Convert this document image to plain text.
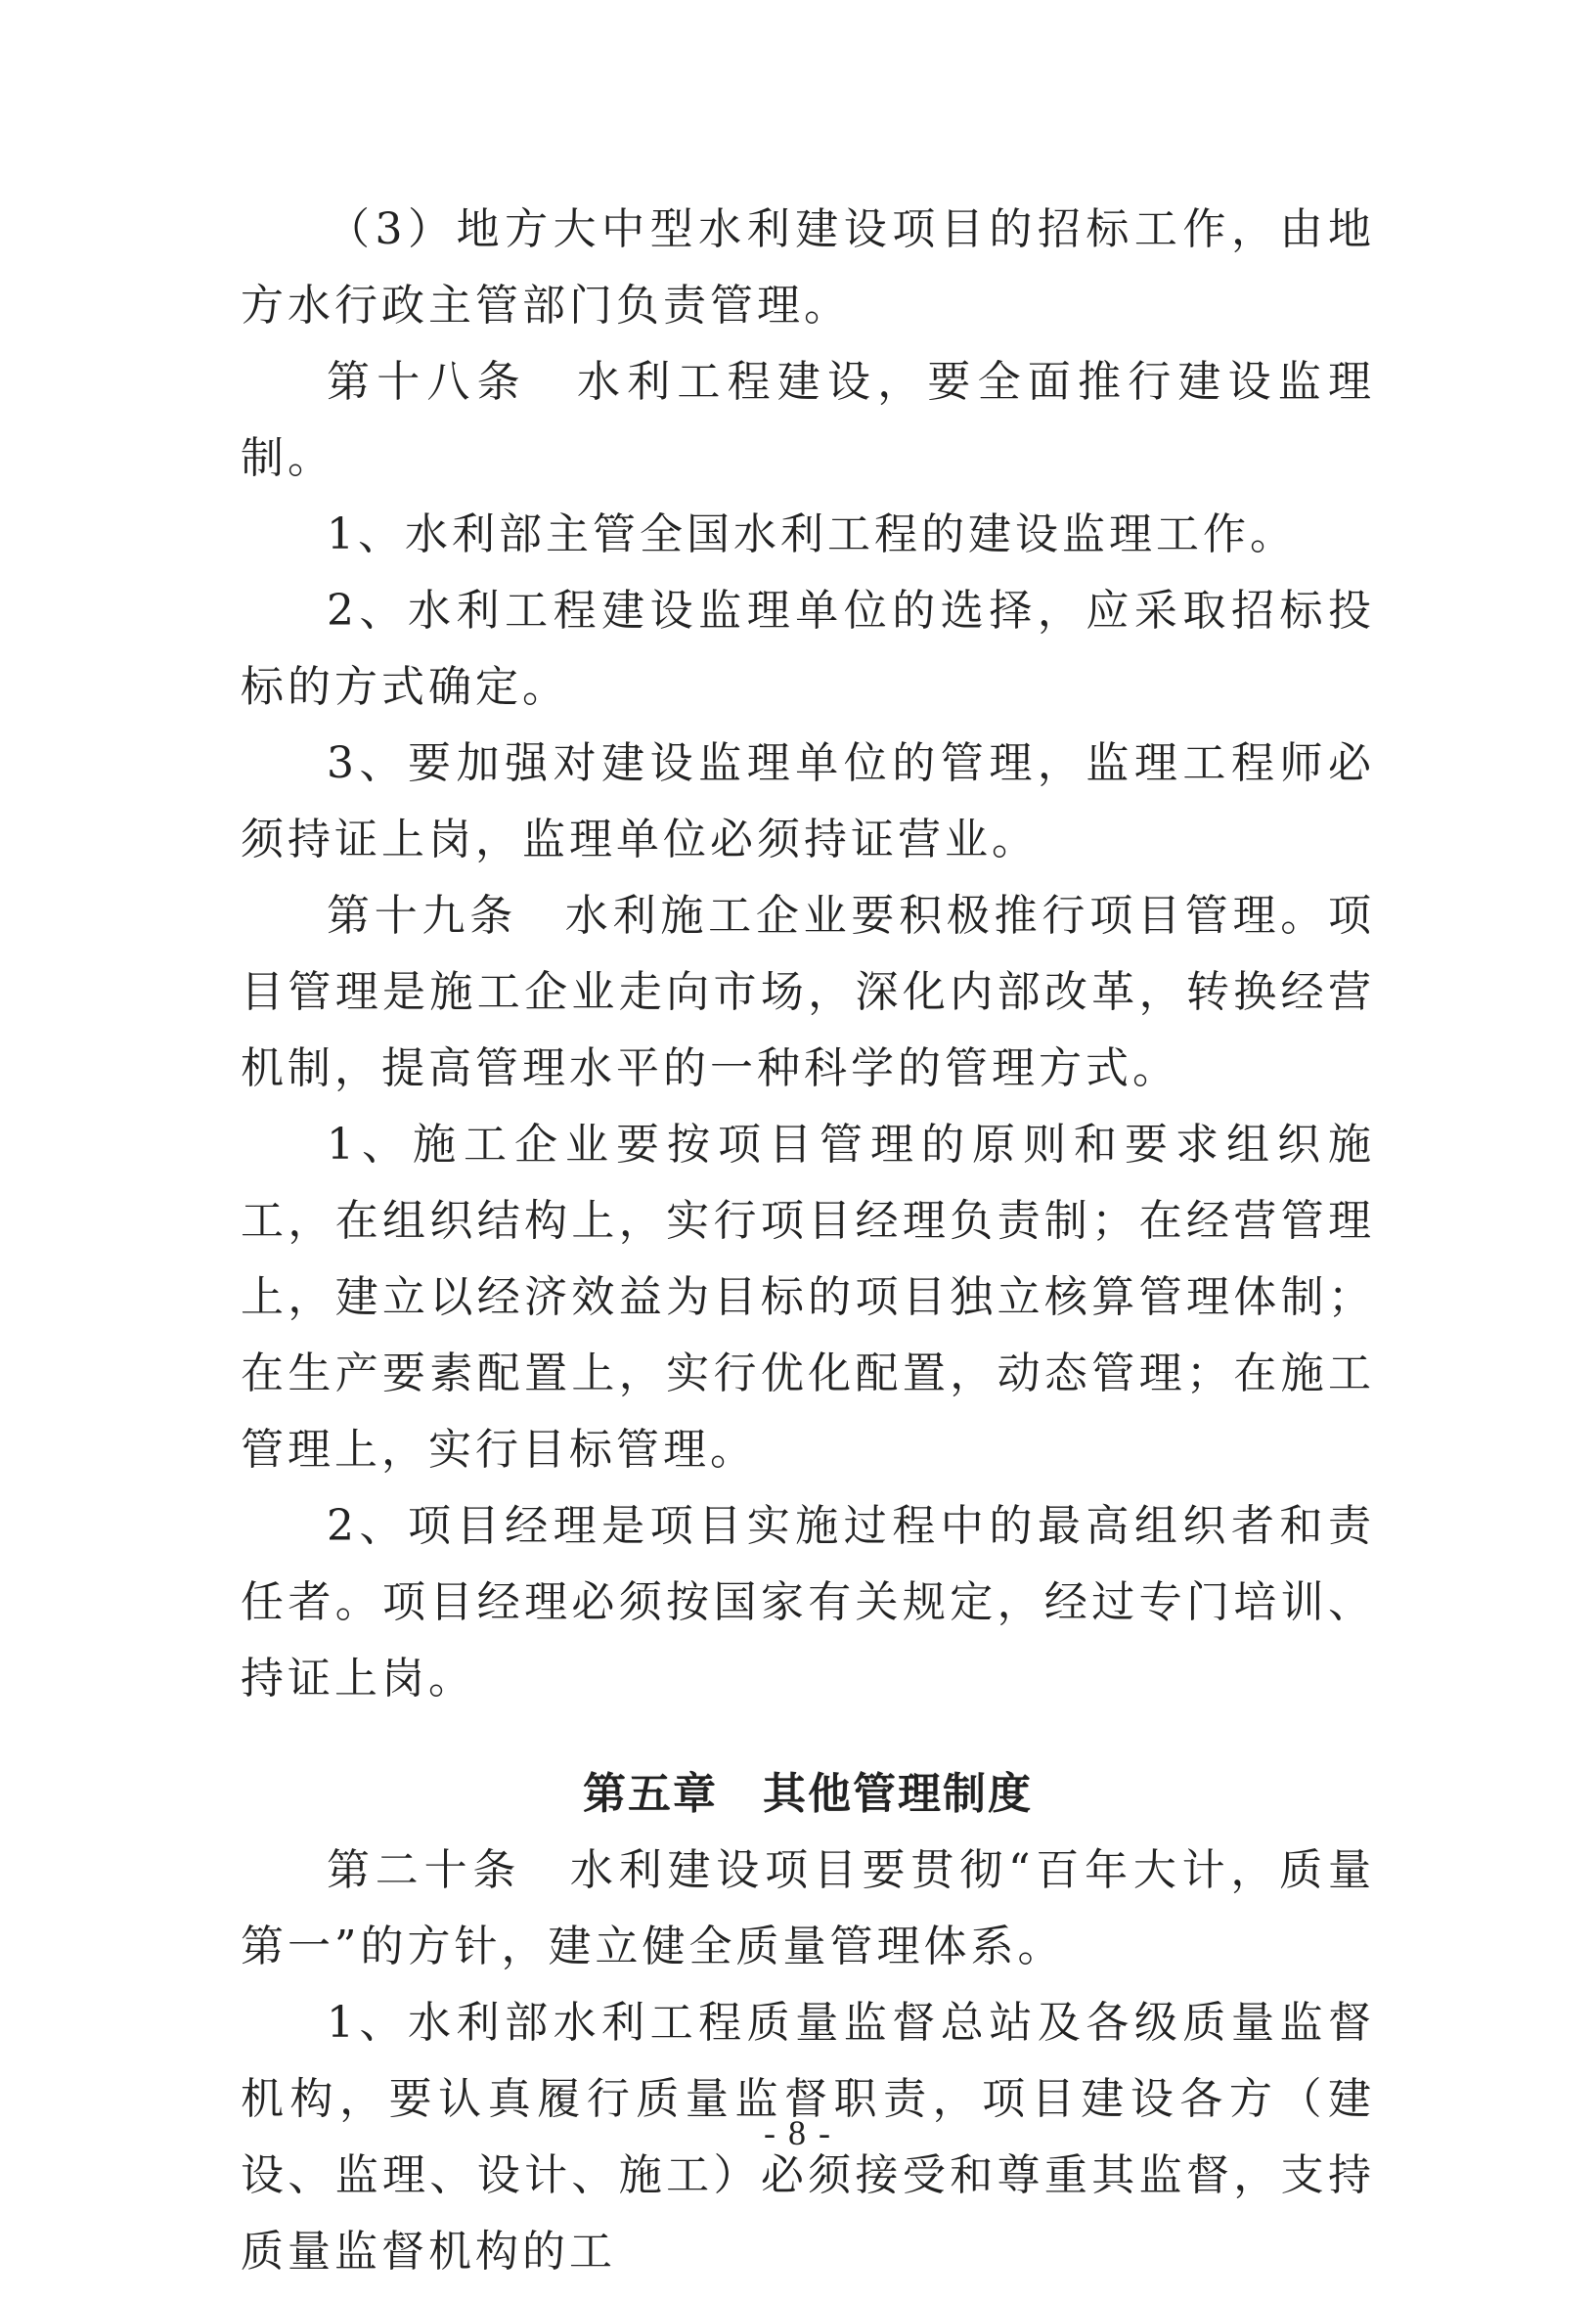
（3）地方大中型水利建设项目的招标工作，由地方水行政主管部门负责管理。

第十八条　水利工程建设，要全面推行建设监理制。

1、水利部主管全国水利工程的建设监理工作。

2、水利工程建设监理单位的选择，应采取招标投标的方式确定。

3、要加强对建设监理单位的管理，监理工程师必须持证上岗，监理单位必须持证营业。

第十九条　水利施工企业要积极推行项目管理。项目管理是施工企业走向市场，深化内部改革，转换经营机制，提高管理水平的一种科学的管理方式。

1、施工企业要按项目管理的原则和要求组织施工，在组织结构上，实行项目经理负责制；在经营管理上，建立以经济效益为目标的项目独立核算管理体制；在生产要素配置上，实行优化配置，动态管理；在施工管理上，实行目标管理。

2、项目经理是项目实施过程中的最高组织者和责任者。项目经理必须按国家有关规定，经过专门培训、持证上岗。

第五章　其他管理制度

第二十条　水利建设项目要贯彻“百年大计，质量第一”的方针，建立健全质量管理体系。

1、水利部水利工程质量监督总站及各级质量监督机构，要认真履行质量监督职责，项目建设各方（建设、监理、设计、施工）必须接受和尊重其监督，支持质量监督机构的工

- 8 -
